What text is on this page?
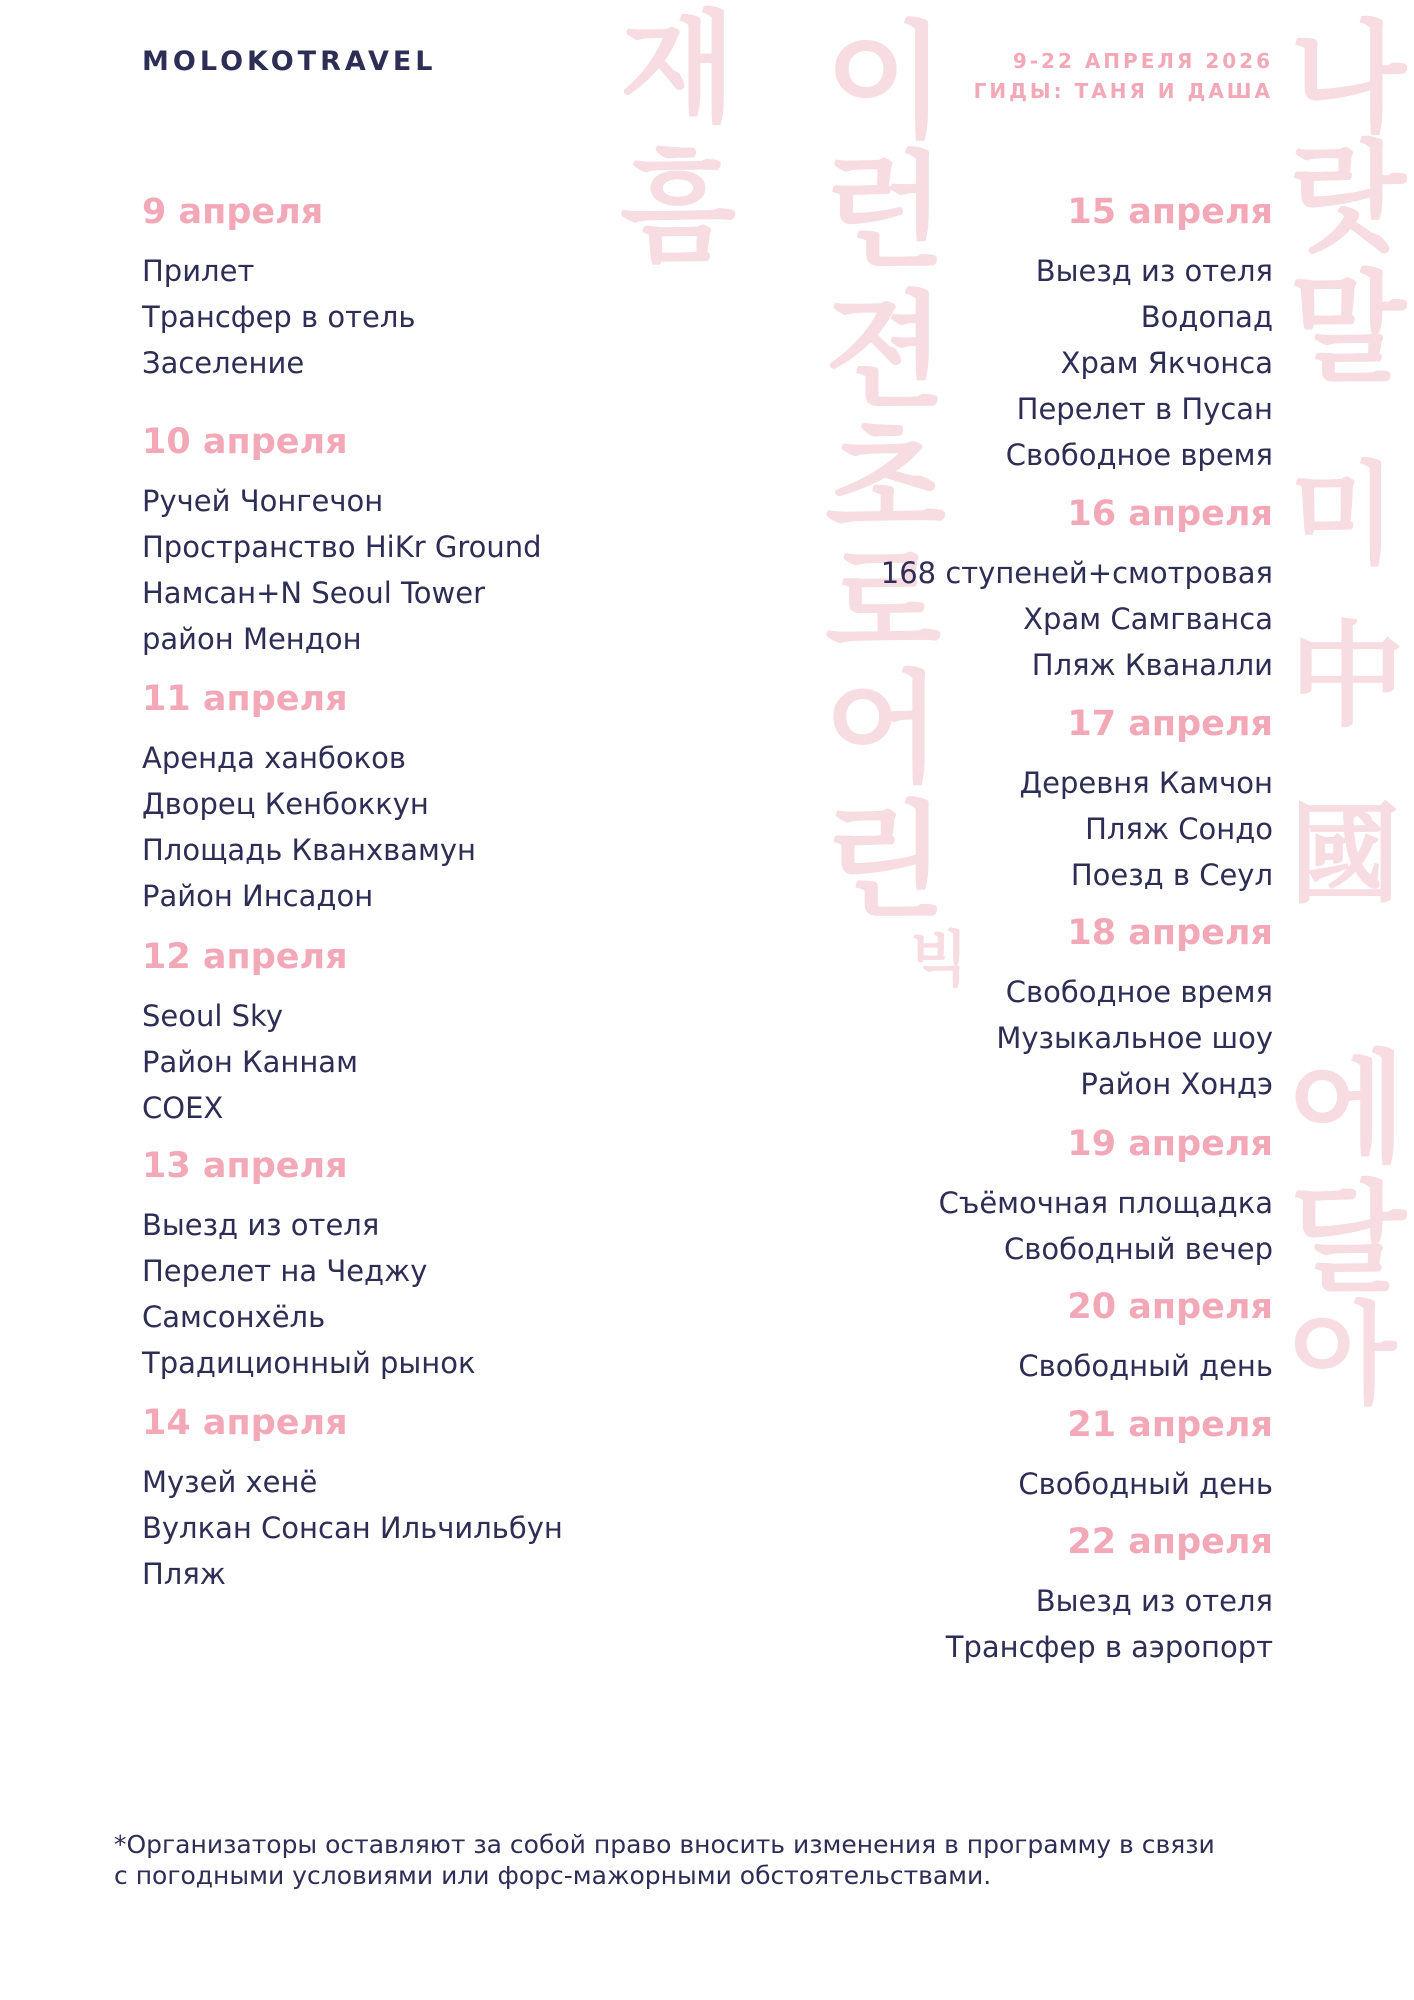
재
흠
이
런
젼
초
로
어
린
빅
나
랏
말
미
中
國
에
달
아
MOLOKOTRAVEL	9-22 АПРЕЛЯ 2026
ГИДЫ: ТАНЯ И ДАША
9 апреля
Прилет
Трансфер в отель
Заселение
10 апреля
Ручей Чонгечон
Пространство HiKr Ground
Намсан+N Seoul Tower
район Мендон
11 апреля
Аренда ханбоков
Дворец Кенбоккун
Площадь Кванхвамун
Район Инсадон
12 апреля
Seoul Sky
Район Каннам
COEX
13 апреля
Выезд из отеля
Перелет на Чеджу
Самсонхёль
Традиционный рынок
14 апреля
Музей хенё
Вулкан Сонсан Ильчильбун
Пляж
15 апреля
Выезд из отеля
Водопад
Храм Якчонса
Перелет в Пусан
Свободное время
16 апреля
168 ступеней+смотровая
Храм Самгванса
Пляж Кваналли
17 апреля
Деревня Камчон
Пляж Сондо
Поезд в Сеул
18 апреля
Свободное время
Музыкальное шоу
Район Хондэ
19 апреля
Съёмочная площадка
Свободный вечер
20 апреля
Свободный день
21 апреля
Свободный день
22 апреля
Выезд из отеля
Трансфер в аэропорт
*Организаторы оставляют за собой право вносить изменения в программу в связи
с погодными условиями или форс-мажорными обстоятельствами.
